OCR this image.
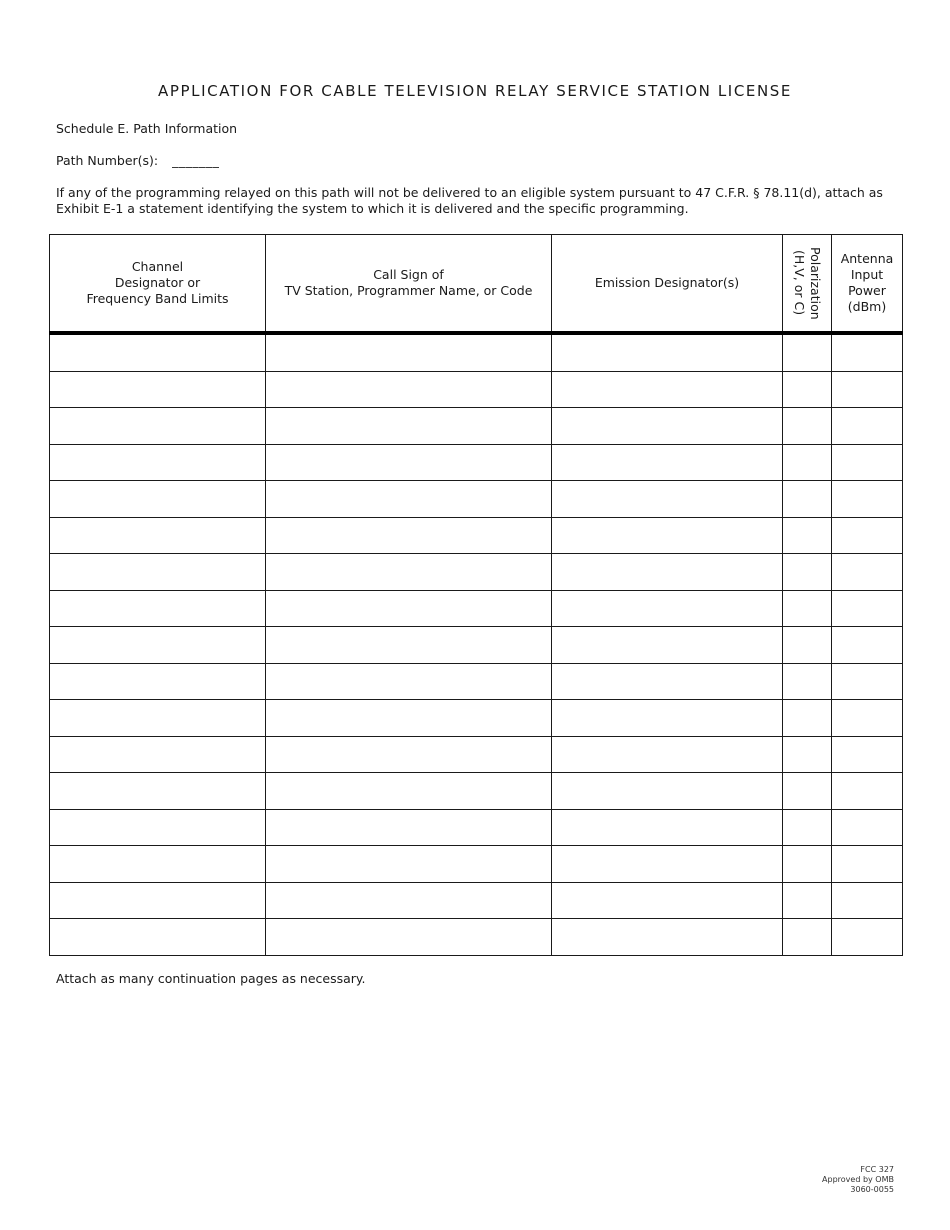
APPLICATION FOR CABLE TELEVISION RELAY SERVICE STATION LICENSE
Schedule E. Path Information
Path Number(s): _______
If any of the programming relayed on this path will not be delivered to an eligible system pursuant to 47 C.F.R. § 78.11(d), attach as Exhibit E-1 a statement identifying the system to which it is delivered and the specific programming.
Channel
Designator or
Frequency Band Limits	Call Sign of
TV Station, Programmer Name, or Code	Emission Designator(s)	Polarization
(H,V, or C)	Antenna
Input
Power
(dBm)

Attach as many continuation pages as necessary.
FCC 327
Approved by OMB
3060-0055
